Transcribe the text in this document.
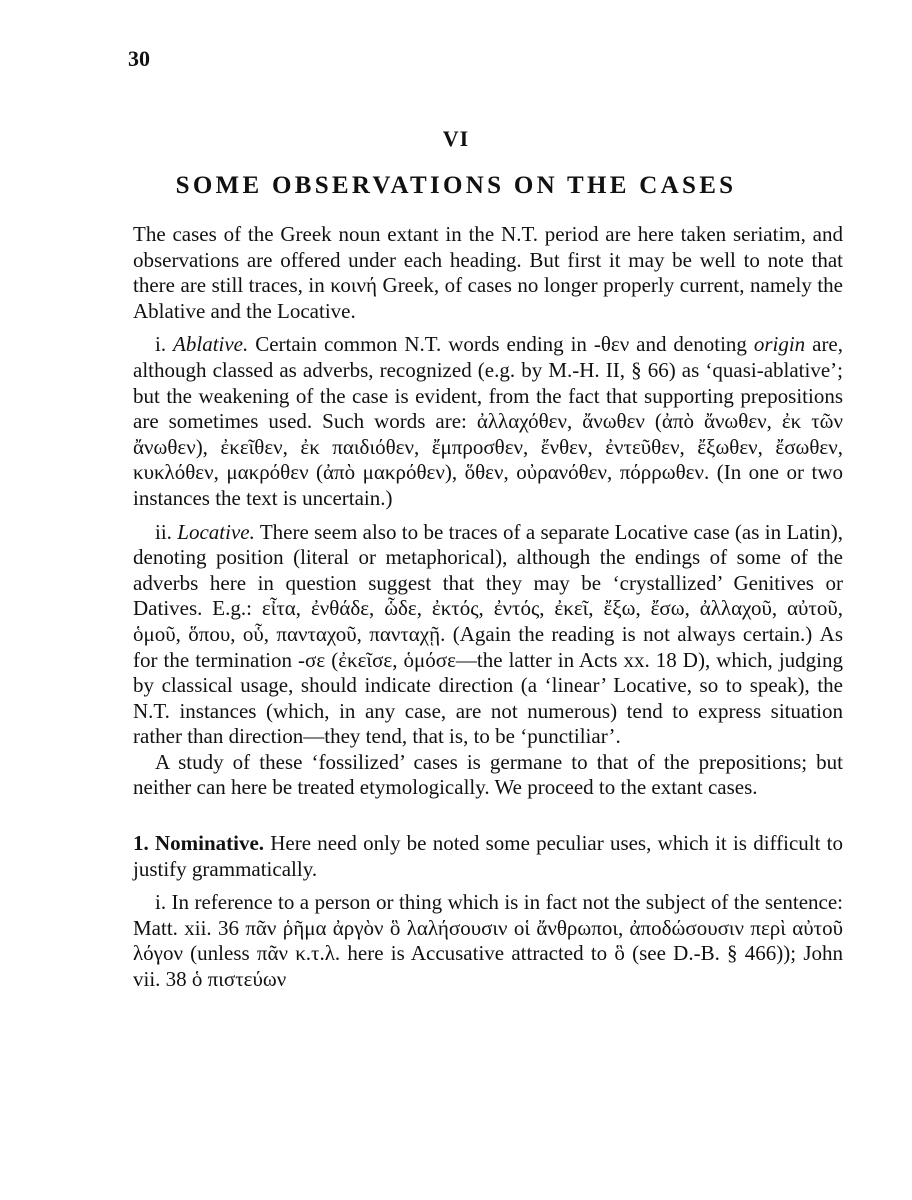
30
VI
SOME OBSERVATIONS ON THE CASES

The cases of the Greek noun extant in the N.T. period are here taken seriatim, and observations are offered under each heading. But first it may be well to note that there are still traces, in κοινή Greek, of cases no longer properly current, namely the Ablative and the Locative.

i. Ablative. Certain common N.T. words ending in -θεν and denoting origin are, although classed as adverbs, recognized (e.g. by M.-H. II, § 66) as ‘quasi-ablative’; but the weakening of the case is evident, from the fact that supporting prepositions are sometimes used. Such words are: ἀλλαχόθεν, ἄνωθεν (ἀπὸ ἄνωθεν, ἐκ τῶν ἄνωθεν), ἐκεῖθεν, ἐκ παιδιόθεν, ἔμπροσθεν, ἔνθεν, ἐντεῦθεν, ἔξωθεν, ἔσωθεν, κυκλόθεν, μακρόθεν (ἀπὸ μακρόθεν), ὅθεν, οὐρανόθεν, πόρρωθεν. (In one or two instances the text is uncertain.)

ii. Locative. There seem also to be traces of a separate Locative case (as in Latin), denoting position (literal or metaphorical), although the endings of some of the adverbs here in question suggest that they may be ‘crystallized’ Genitives or Datives. E.g.: εἶτα, ἐνθάδε, ὧδε, ἐκτός, ἐντός, ἐκεῖ, ἔξω, ἔσω, ἀλλαχοῦ, αὐτοῦ, ὁμοῦ, ὅπου, οὗ, πανταχοῦ, πανταχῇ. (Again the reading is not always certain.) As for the termination -σε (ἐκεῖσε, ὁμόσε—the latter in Acts xx. 18 D), which, judging by classical usage, should indicate direction (a ‘linear’ Locative, so to speak), the N.T. instances (which, in any case, are not numerous) tend to express situation rather than direction—they tend, that is, to be ‘punctiliar’.

A study of these ‘fossilized’ cases is germane to that of the prepositions; but neither can here be treated etymologically. We proceed to the extant cases.

1. Nominative. Here need only be noted some peculiar uses, which it is difficult to justify grammatically.

i. In reference to a person or thing which is in fact not the subject of the sentence: Matt. xii. 36 πᾶν ῥῆμα ἀργὸν ὃ λαλήσουσιν οἱ ἄνθρωποι, ἀποδώσουσιν περὶ αὐτοῦ λόγον (unless πᾶν κ.τ.λ. here is Accusative attracted to ὃ (see D.-B. § 466)); John vii. 38 ὁ πιστεύων
